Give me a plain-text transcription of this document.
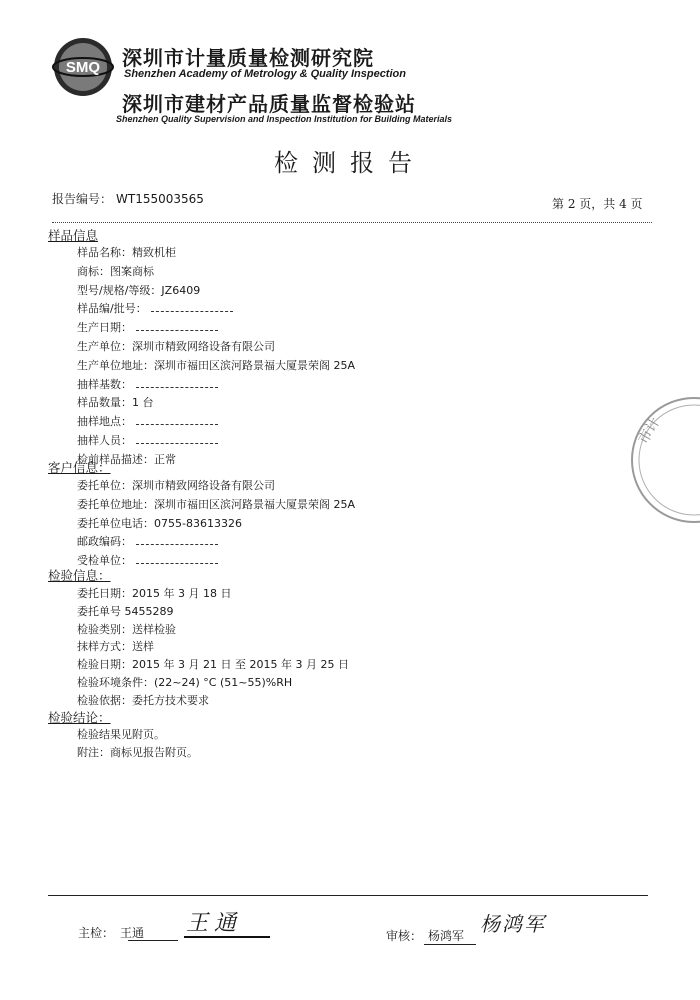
SMQ 深圳市计量质量检测研究院
Shenzhen Academy of Metrology & Quality Inspection
深圳市建材产品质量监督检验站
Shenzhen Quality Supervision and Inspection Institution for Building Materials
检测报告
报告编号： WT155003565	第 2 页，共 4 页
样品信息
样品名称：精致机柜
商标：图案商标
型号/规格/等级：JZ6409
样品编/批号：
生产日期：
生产单位：深圳市精致网络设备有限公司
生产单位地址：深圳市福田区滨河路景福大厦景荣阁 25A
抽样基数：
样品数量：1 台
抽样地点：
抽样人员：
检前样品描述：正常
客户信息：
委托单位：深圳市精致网络设备有限公司
委托单位地址：深圳市福田区滨河路景福大厦景荣阁 25A
委托单位电话：0755-83613326
邮政编码：
受检单位：
检验信息：
委托日期：2015 年 3 月 18 日
委托单号 5455289
检验类别：送样检验
抹样方式：送样
检验日期：2015 年 3 月 21 日 至 2015 年 3 月 25 日
检验环境条件：(22~24) °C (51~55)%RH
检验依据：委托方技术要求
检验结论：
检验结果见附页。
附注：商标见报告附页。
市计
主检： 王通 王通	审核： 杨鸿军 杨鸿军
